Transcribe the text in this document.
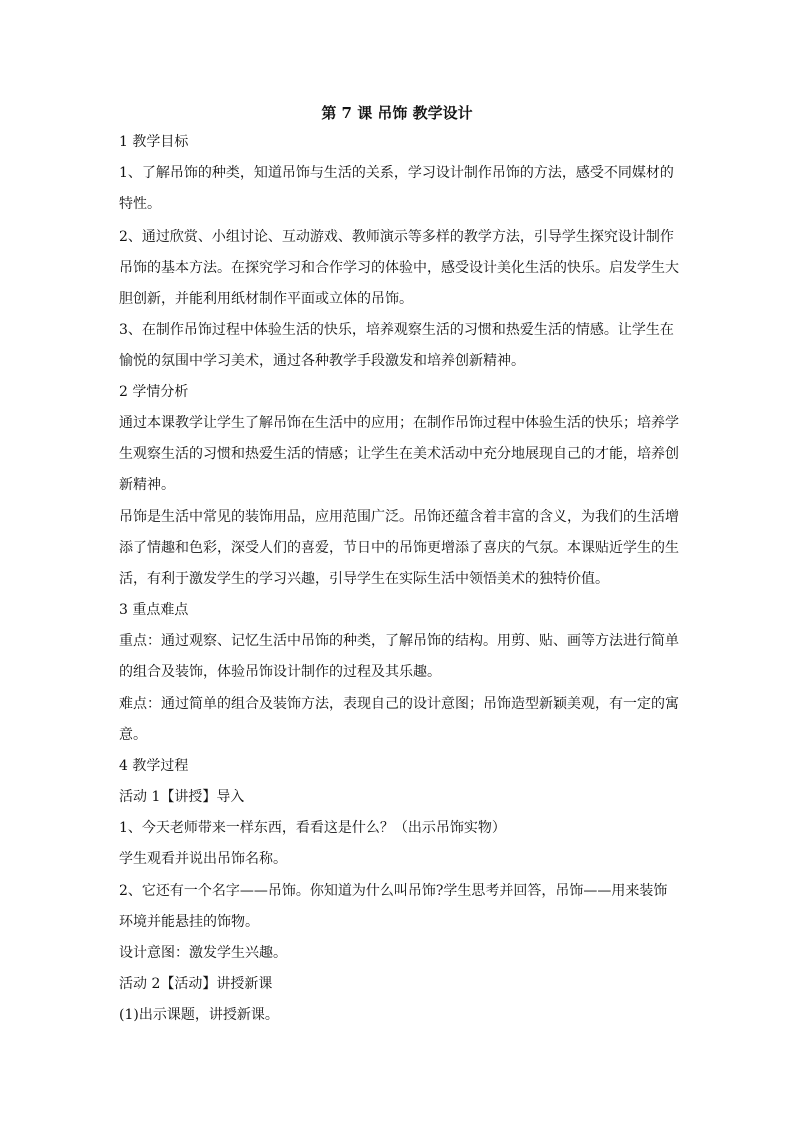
第 7 课 吊饰 教学设计
1 教学目标
1、了解吊饰的种类，知道吊饰与生活的关系，学习设计制作吊饰的方法，感受不同媒材的
特性。
2、通过欣赏、小组讨论、互动游戏、教师演示等多样的教学方法，引导学生探究设计制作
吊饰的基本方法。在探究学习和合作学习的体验中，感受设计美化生活的快乐。启发学生大
胆创新，并能利用纸材制作平面或立体的吊饰。
3、在制作吊饰过程中体验生活的快乐，培养观察生活的习惯和热爱生活的情感。让学生在
愉悦的氛围中学习美术，通过各种教学手段激发和培养创新精神。
2 学情分析
通过本课教学让学生了解吊饰在生活中的应用；在制作吊饰过程中体验生活的快乐；培养学
生观察生活的习惯和热爱生活的情感；让学生在美术活动中充分地展现自己的才能，培养创
新精神。
吊饰是生活中常见的装饰用品，应用范围广泛。吊饰还蕴含着丰富的含义，为我们的生活增
添了情趣和色彩，深受人们的喜爱，节日中的吊饰更增添了喜庆的气氛。本课贴近学生的生
活，有利于激发学生的学习兴趣，引导学生在实际生活中领悟美术的独特价值。
3 重点难点
重点：通过观察、记忆生活中吊饰的种类，了解吊饰的结构。用剪、贴、画等方法进行简单
的组合及装饰，体验吊饰设计制作的过程及其乐趣。
难点：通过简单的组合及装饰方法，表现自己的设计意图；吊饰造型新颖美观，有一定的寓
意。
4 教学过程
活动 1【讲授】导入
1、今天老师带来一样东西，看看这是什么？（出示吊饰实物）
学生观看并说出吊饰名称。
2、它还有一个名字——吊饰。你知道为什么叫吊饰?学生思考并回答，吊饰——用来装饰
环境并能悬挂的饰物。
设计意图：激发学生兴趣。
活动 2【活动】讲授新课
(1)出示课题，讲授新课。
